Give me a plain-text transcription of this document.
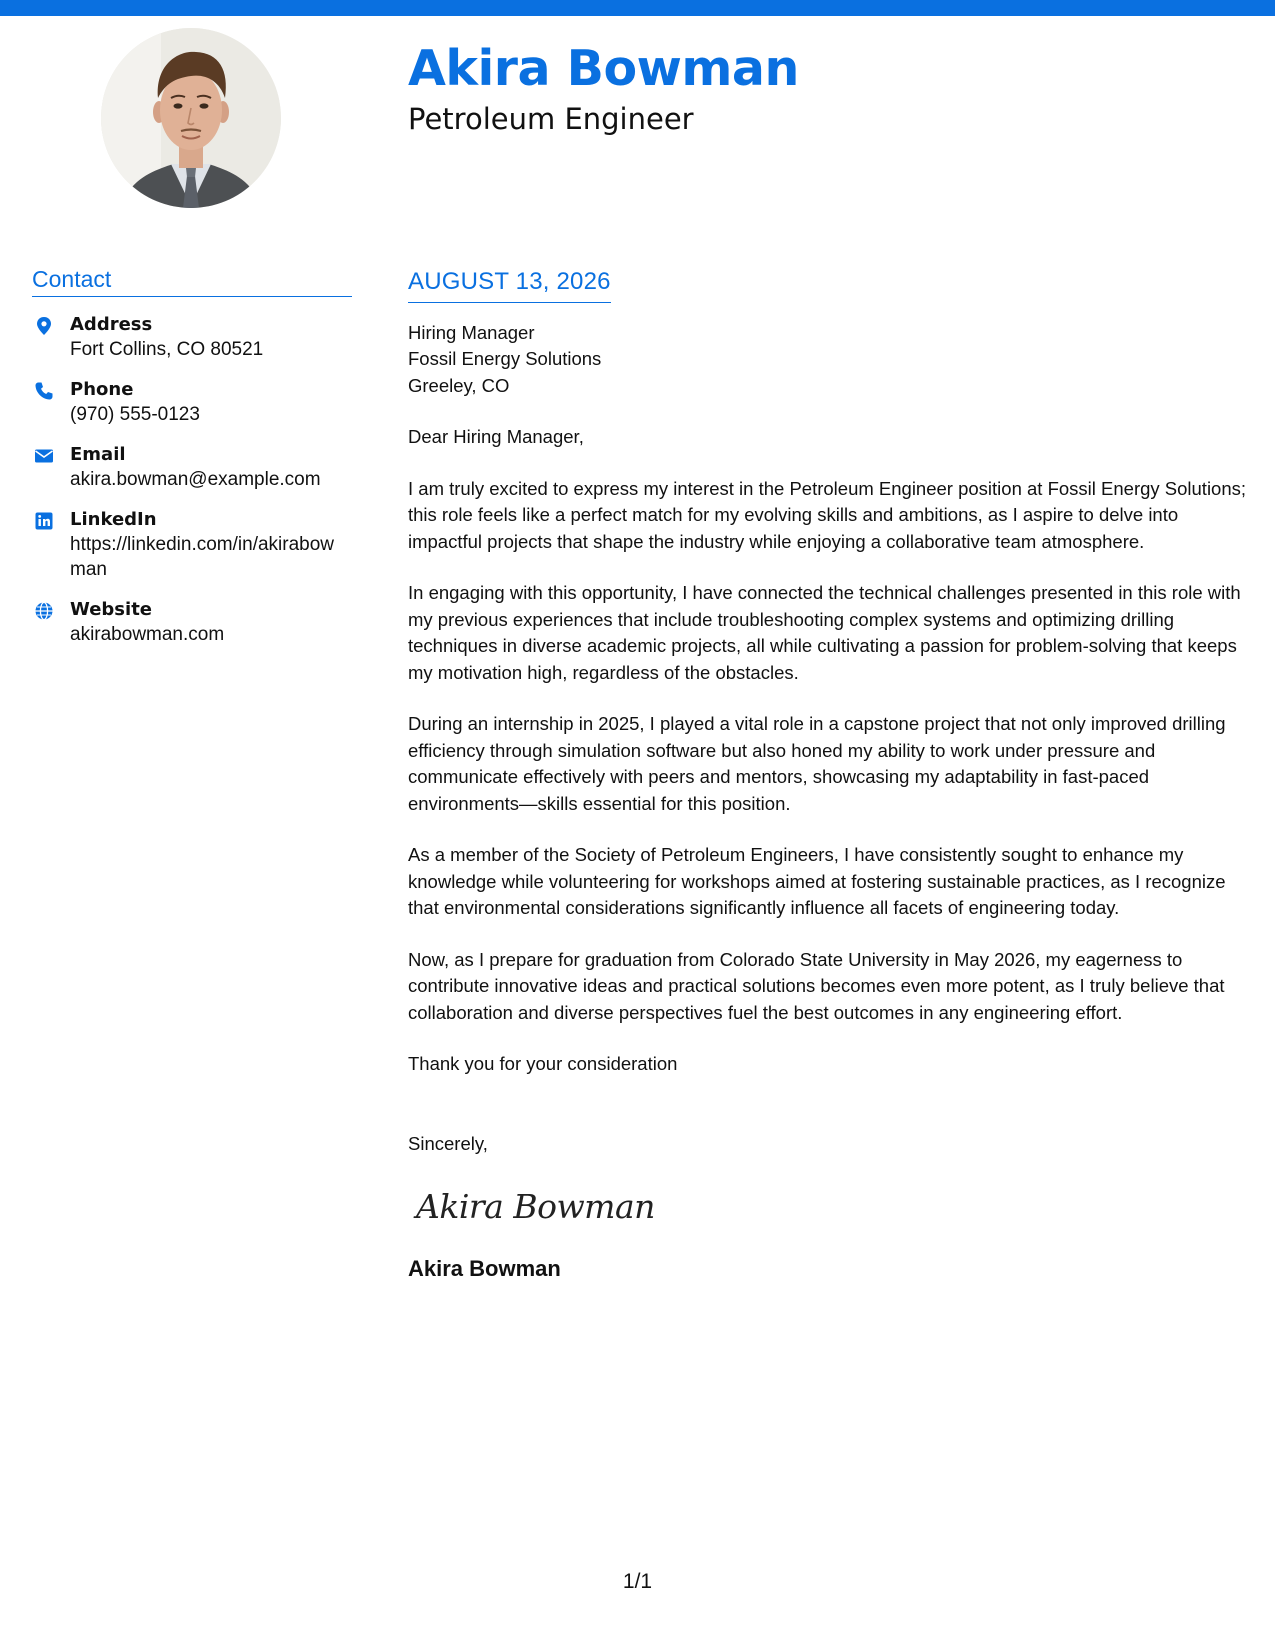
Akira Bowman
Petroleum Engineer
Contact
Address
Fort Collins, CO 80521
Phone
(970) 555-0123
Email
akira.bowman@example.com
LinkedIn
https://linkedin.com/in/akirabow man
Website
akirabowman.com
AUGUST 13, 2026
Hiring Manager
Fossil Energy Solutions
Greeley, CO

Dear Hiring Manager,

I am truly excited to express my interest in the Petroleum Engineer position at Fossil Energy Solutions; this role feels like a perfect match for my evolving skills and ambitions, as I aspire to delve into impactful projects that shape the industry while enjoying a collaborative team atmosphere.

In engaging with this opportunity, I have connected the technical challenges presented in this role with my previous experiences that include troubleshooting complex systems and optimizing drilling techniques in diverse academic projects, all while cultivating a passion for problem-solving that keeps my motivation high, regardless of the obstacles.

During an internship in 2025, I played a vital role in a capstone project that not only improved drilling efficiency through simulation software but also honed my ability to work under pressure and communicate effectively with peers and mentors, showcasing my adaptability in fast-paced environments—skills essential for this position.

As a member of the Society of Petroleum Engineers, I have consistently sought to enhance my knowledge while volunteering for workshops aimed at fostering sustainable practices, as I recognize that environmental considerations significantly influence all facets of engineering today.

Now, as I prepare for graduation from Colorado State University in May 2026, my eagerness to contribute innovative ideas and practical solutions becomes even more potent, as I truly believe that collaboration and diverse perspectives fuel the best outcomes in any engineering effort.

Thank you for your consideration

Sincerely,
Akira Bowman
Akira Bowman
1/1
